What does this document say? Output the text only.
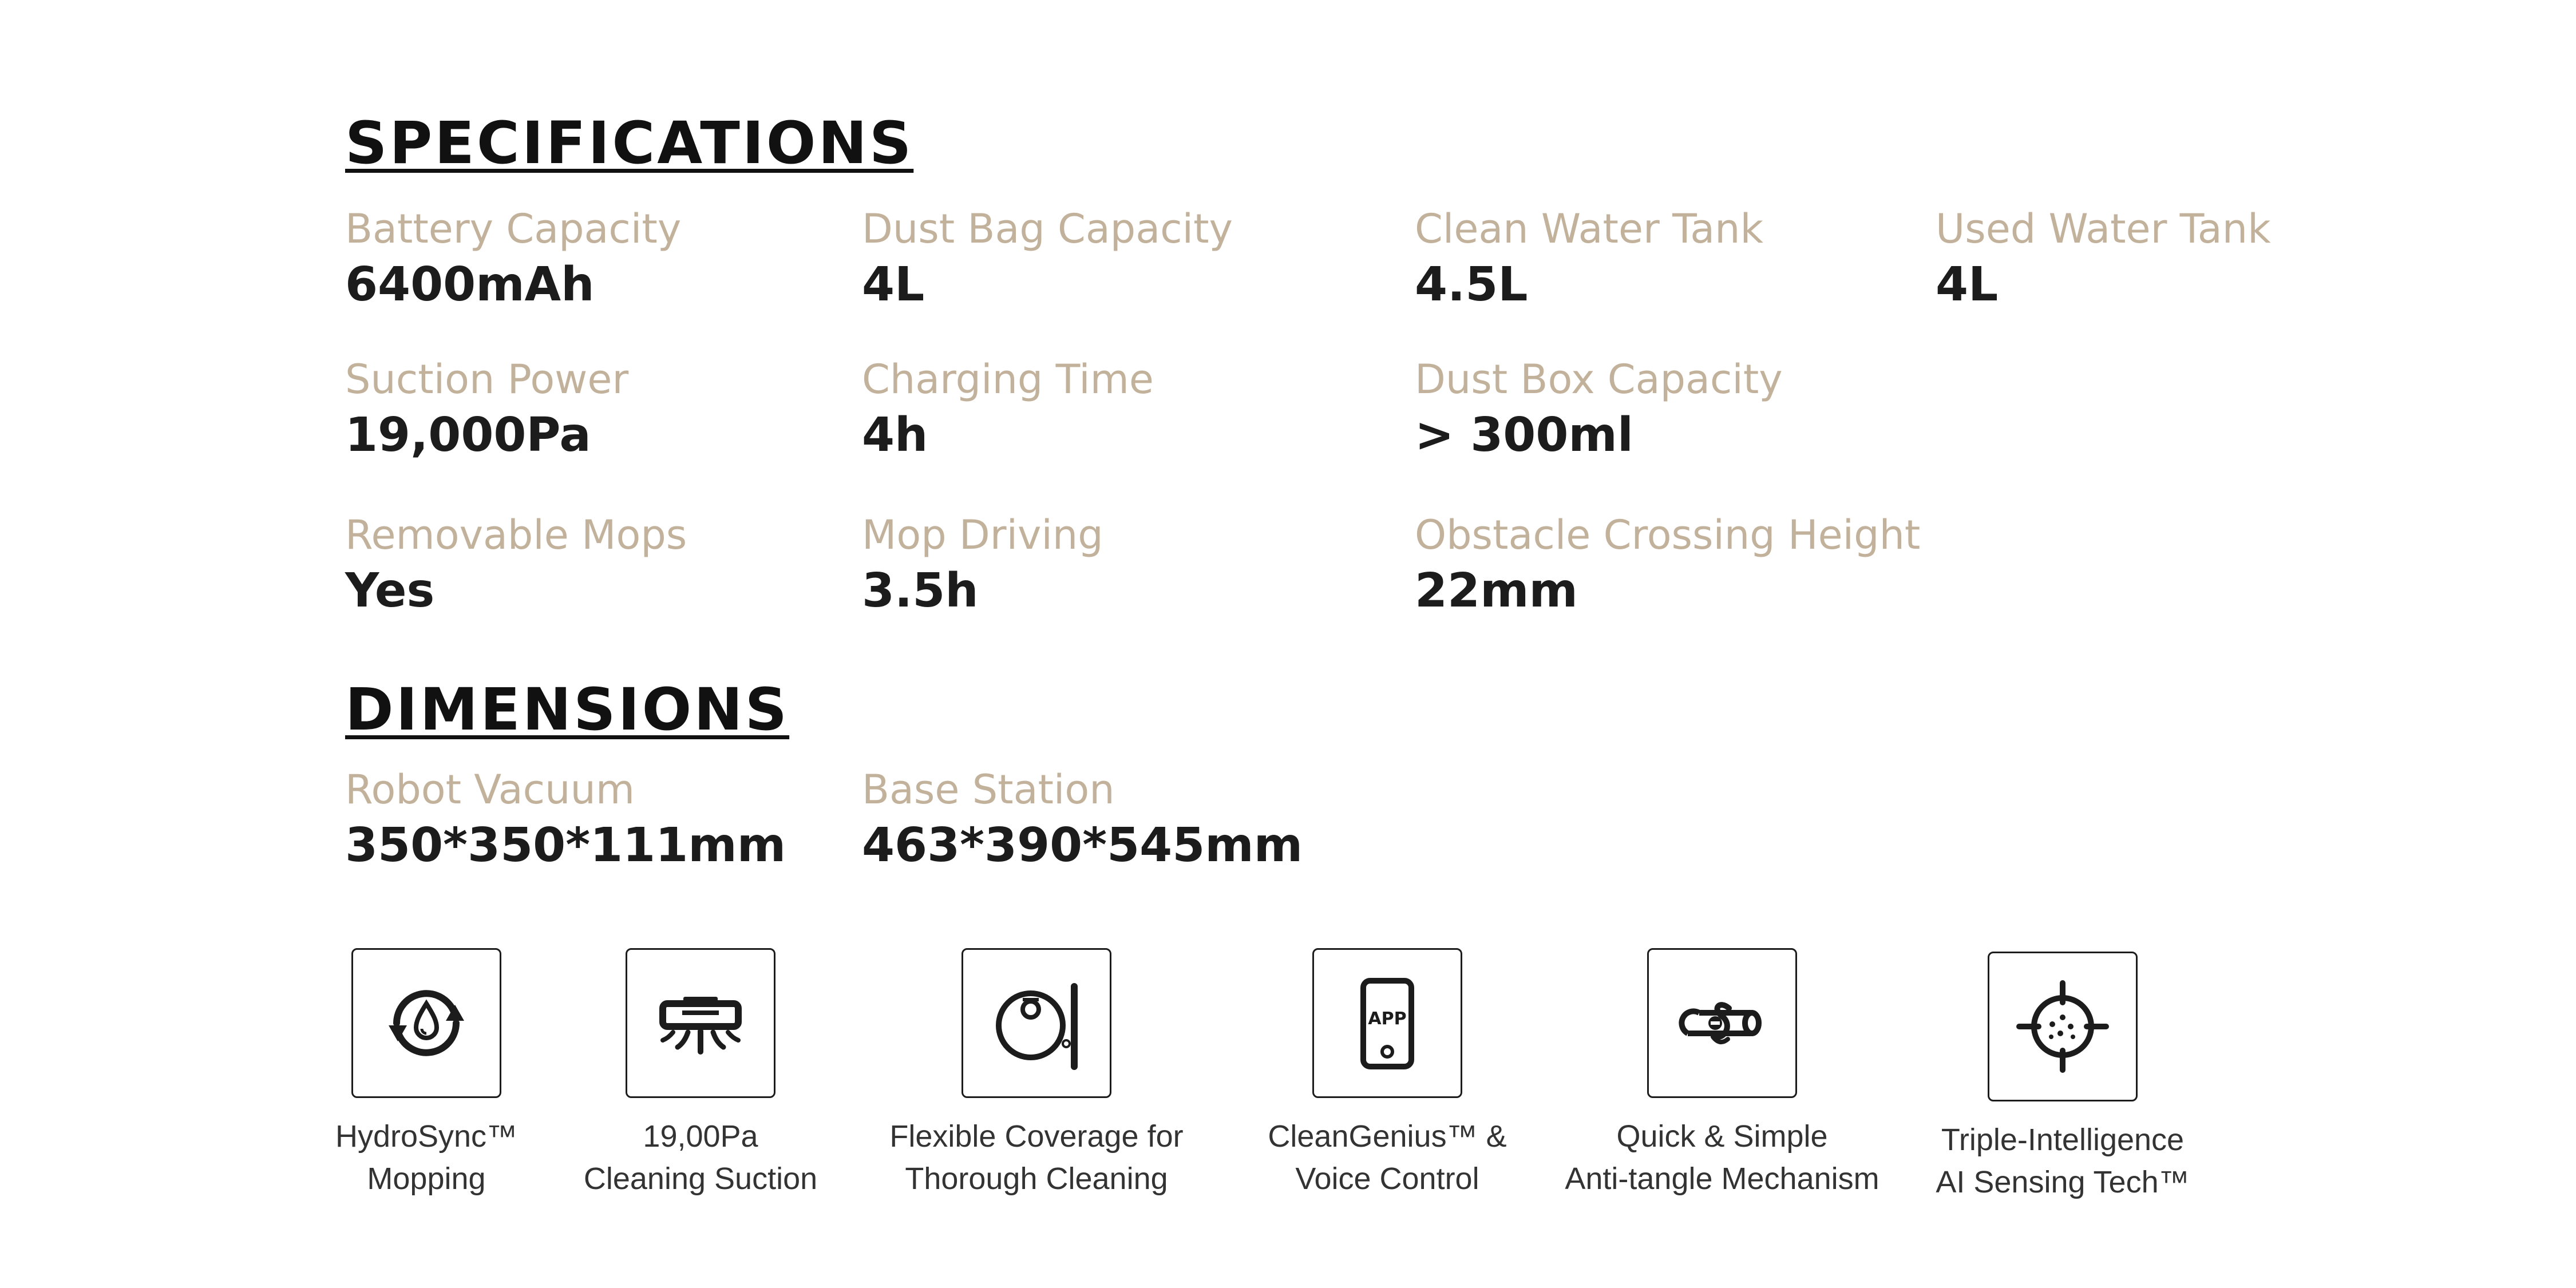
SPECIFICATIONS
Battery Capacity
6400mAh
Dust Bag Capacity
4L
Clean Water Tank
4.5L
Used Water Tank
4L
Suction Power
19,000Pa
Charging Time
4h
Dust Box Capacity
> 300ml
Removable Mops
Yes
Mop Driving
3.5h
Obstacle Crossing Height
22mm
DIMENSIONS
Robot Vacuum
350*350*111mm
Base Station
463*390*545mm
HydroSync™
Mopping
19,00Pa
Cleaning Suction
Flexible Coverage for
Thorough Cleaning
APP
CleanGenius™ &
Voice Control
Quick & Simple
Anti-tangle Mechanism
Triple-Intelligence
AI Sensing Tech™
